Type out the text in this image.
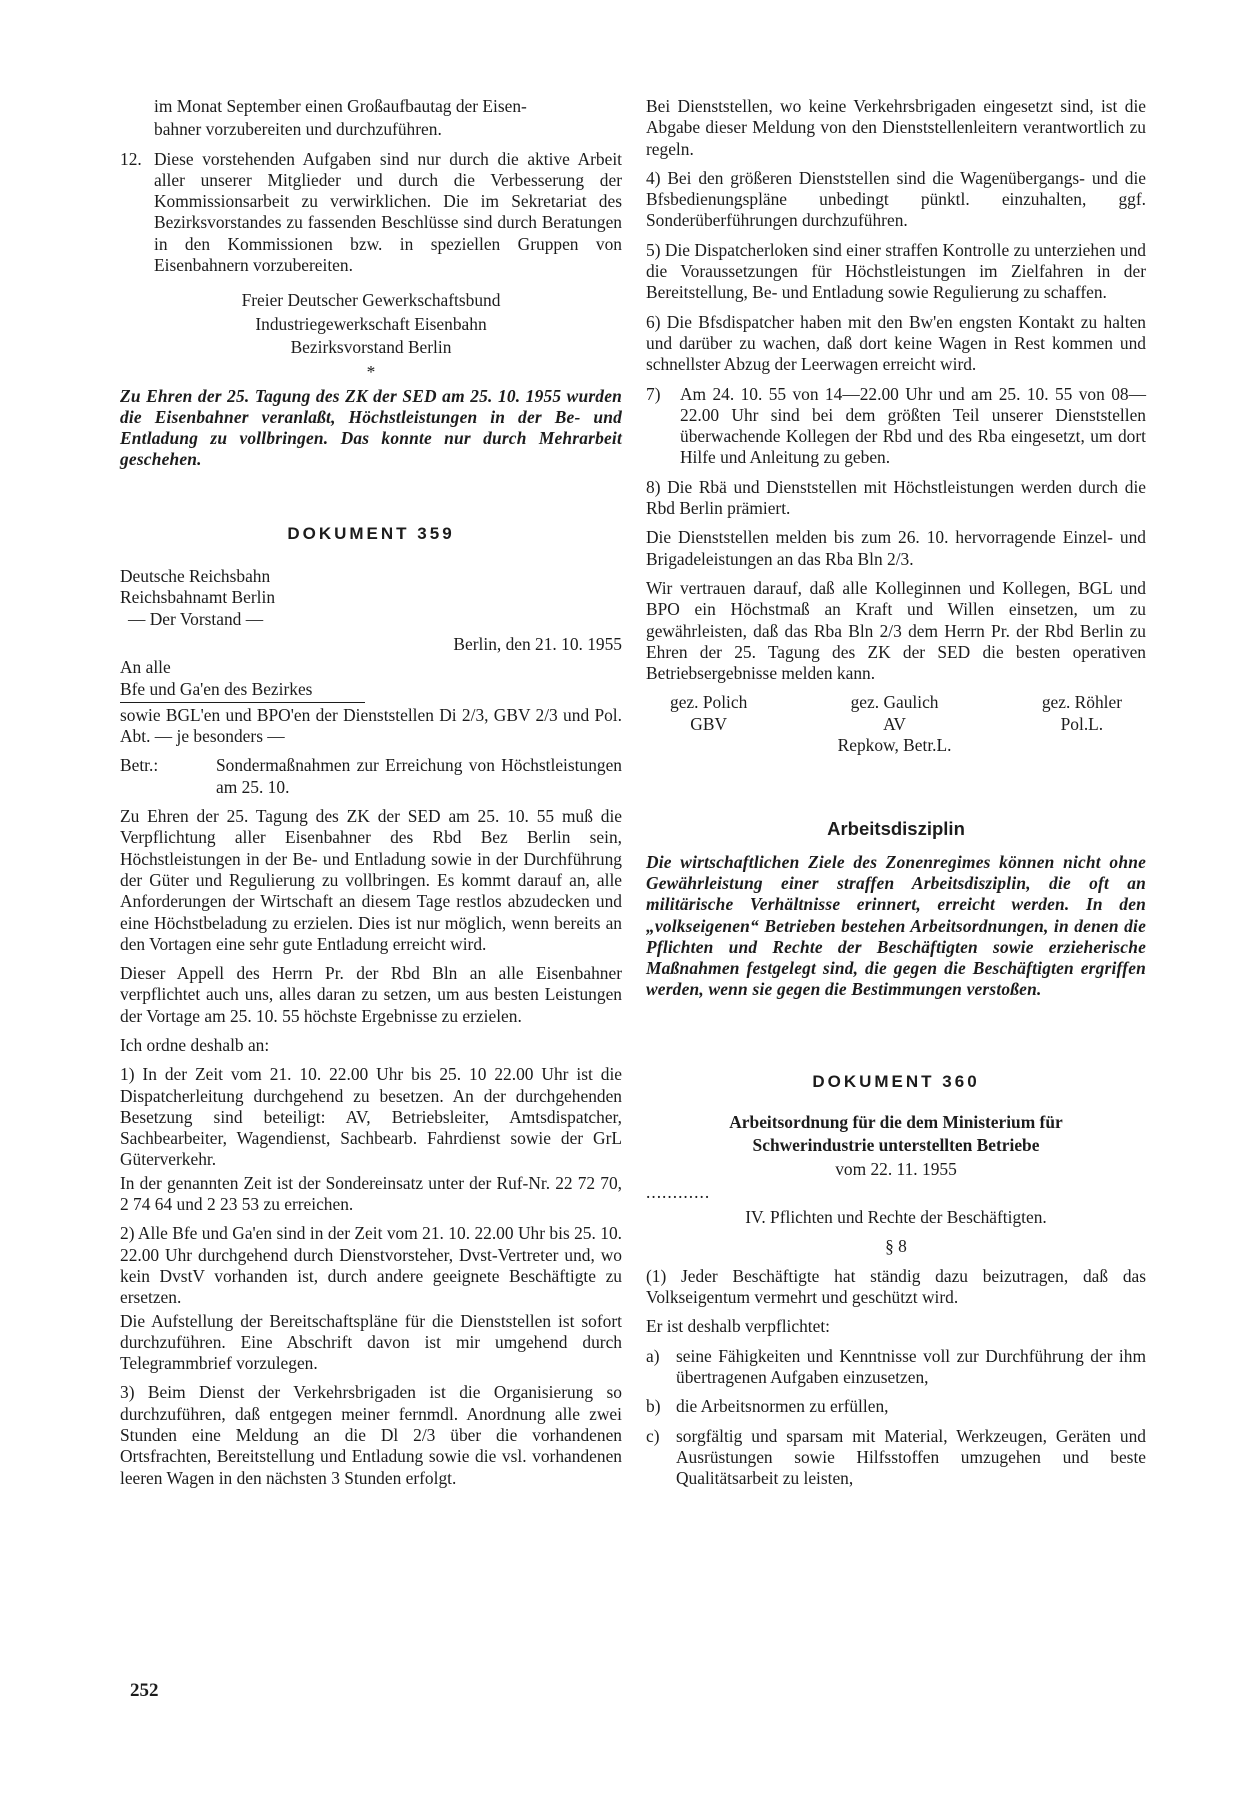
im Monat September einen Großaufbautag der Eisen-

bahner vorzubereiten und durchzuführen.

12. Diese vorstehenden Aufgaben sind nur durch die aktive Arbeit aller unserer Mitglieder und durch die Verbesserung der Kommissionsarbeit zu verwirklichen. Die im Sekretariat des Bezirksvorstandes zu fassenden Beschlüsse sind durch Beratungen in den Kommissionen bzw. in speziellen Gruppen von Eisenbahnern vorzubereiten.

Freier Deutscher Gewerkschaftsbund

Industriegewerkschaft Eisenbahn

Bezirksvorstand Berlin

*

Zu Ehren der 25. Tagung des ZK der SED am 25. 10. 1955 wurden die Eisenbahner veranlaßt, Höchstleistungen in der Be- und Entladung zu vollbringen. Das konnte nur durch Mehrarbeit geschehen.

DOKUMENT 359

Deutsche Reichsbahn

Reichsbahnamt Berlin

— Der Vorstand —

Berlin, den 21. 10. 1955

An alle

Bfe und Ga'en des Bezirkes

sowie BGL'en und BPO'en der Dienststellen Di 2/3, GBV 2/3 und Pol. Abt. — je besonders —

Betr.:	Sondermaßnahmen zur Erreichung von Höchstleistungen am 25. 10.

Zu Ehren der 25. Tagung des ZK der SED am 25. 10. 55 muß die Verpflichtung aller Eisenbahner des Rbd Bez Berlin sein, Höchstleistungen in der Be- und Entladung sowie in der Durchführung der Güter und Regulierung zu vollbringen. Es kommt darauf an, alle Anforderungen der Wirtschaft an diesem Tage restlos abzudecken und eine Höchstbeladung zu erzielen. Dies ist nur möglich, wenn bereits an den Vortagen eine sehr gute Entladung erreicht wird.

Dieser Appell des Herrn Pr. der Rbd Bln an alle Eisenbahner verpflichtet auch uns, alles daran zu setzen, um aus besten Leistungen der Vortage am 25. 10. 55 höchste Ergebnisse zu erzielen.

Ich ordne deshalb an:

1) In der Zeit vom 21. 10. 22.00 Uhr bis 25. 10 22.00 Uhr ist die Dispatcherleitung durchgehend zu besetzen. An der durchgehenden Besetzung sind beteiligt: AV, Betriebsleiter, Amtsdispatcher, Sachbearbeiter, Wagendienst, Sachbearb. Fahrdienst sowie der GrL Güterverkehr.

In der genannten Zeit ist der Sondereinsatz unter der Ruf-Nr. 22 72 70, 2 74 64 und 2 23 53 zu erreichen.

2) Alle Bfe und Ga'en sind in der Zeit vom 21. 10. 22.00 Uhr bis 25. 10. 22.00 Uhr durchgehend durch Dienstvorsteher, Dvst-Vertreter und, wo kein DvstV vorhanden ist, durch andere geeignete Beschäftigte zu ersetzen.

Die Aufstellung der Bereitschaftspläne für die Dienststellen ist sofort durchzuführen. Eine Abschrift davon ist mir umgehend durch Telegrammbrief vorzulegen.

3) Beim Dienst der Verkehrsbrigaden ist die Organisierung so durchzuführen, daß entgegen meiner fernmdl. Anordnung alle zwei Stunden eine Meldung an die Dl 2/3 über die vorhandenen Ortsfrachten, Bereitstellung und Entladung sowie die vsl. vorhandenen leeren Wagen in den nächsten 3 Stunden erfolgt.

Bei Dienststellen, wo keine Verkehrsbrigaden eingesetzt sind, ist die Abgabe dieser Meldung von den Dienststellenleitern verantwortlich zu regeln.

4) Bei den größeren Dienststellen sind die Wagenübergangs- und die Bfsbedienungspläne unbedingt pünktl. einzuhalten, ggf. Sonderüberführungen durchzuführen.

5) Die Dispatcherloken sind einer straffen Kontrolle zu unterziehen und die Voraussetzungen für Höchstleistungen im Zielfahren in der Bereitstellung, Be- und Entladung sowie Regulierung zu schaffen.

6) Die Bfsdispatcher haben mit den Bw'en engsten Kontakt zu halten und darüber zu wachen, daß dort keine Wagen in Rest kommen und schnellster Abzug der Leerwagen erreicht wird.

7) Am 24. 10. 55 von 14—22.00 Uhr und am 25. 10. 55 von 08—22.00 Uhr sind bei dem größten Teil unserer Dienststellen überwachende Kollegen der Rbd und des Rba eingesetzt, um dort Hilfe und Anleitung zu geben.

8) Die Rbä und Dienststellen mit Höchstleistungen werden durch die Rbd Berlin prämiert.

Die Dienststellen melden bis zum 26. 10. hervorragende Einzel- und Brigadeleistungen an das Rba Bln 2/3.

Wir vertrauen darauf, daß alle Kolleginnen und Kollegen, BGL und BPO ein Höchstmaß an Kraft und Willen einsetzen, um zu gewährleisten, daß das Rba Bln 2/3 dem Herrn Pr. der Rbd Berlin zu Ehren der 25. Tagung des ZK der SED die besten operativen Betriebsergebnisse melden kann.

gez. Polich
GBV
gez. Gaulich
AV
Repkow, Betr.L.
gez. Röhler
Pol.L.
Arbeitsdisziplin

Die wirtschaftlichen Ziele des Zonenregimes können nicht ohne Gewährleistung einer straffen Arbeitsdisziplin, die oft an militärische Verhältnisse erinnert, erreicht werden. In den „volkseigenen“ Betrieben bestehen Arbeitsordnungen, in denen die Pflichten und Rechte der Beschäftigten sowie erzieherische Maßnahmen festgelegt sind, die gegen die Beschäftigten ergriffen werden, wenn sie gegen die Bestimmungen verstoßen.

DOKUMENT 360

Arbeitsordnung für die dem Ministerium für

Schwerindustrie unterstellten Betriebe

vom 22. 11. 1955

............

IV. Pflichten und Rechte der Beschäftigten.

§ 8

(1) Jeder Beschäftigte hat ständig dazu beizutragen, daß das Volkseigentum vermehrt und geschützt wird.

Er ist deshalb verpflichtet:

a) seine Fähigkeiten und Kenntnisse voll zur Durchführung der ihm übertragenen Aufgaben einzusetzen,

b) die Arbeitsnormen zu erfüllen,

c) sorgfältig und sparsam mit Material, Werkzeugen, Geräten und Ausrüstungen sowie Hilfsstoffen umzugehen und beste Qualitätsarbeit zu leisten,

252
